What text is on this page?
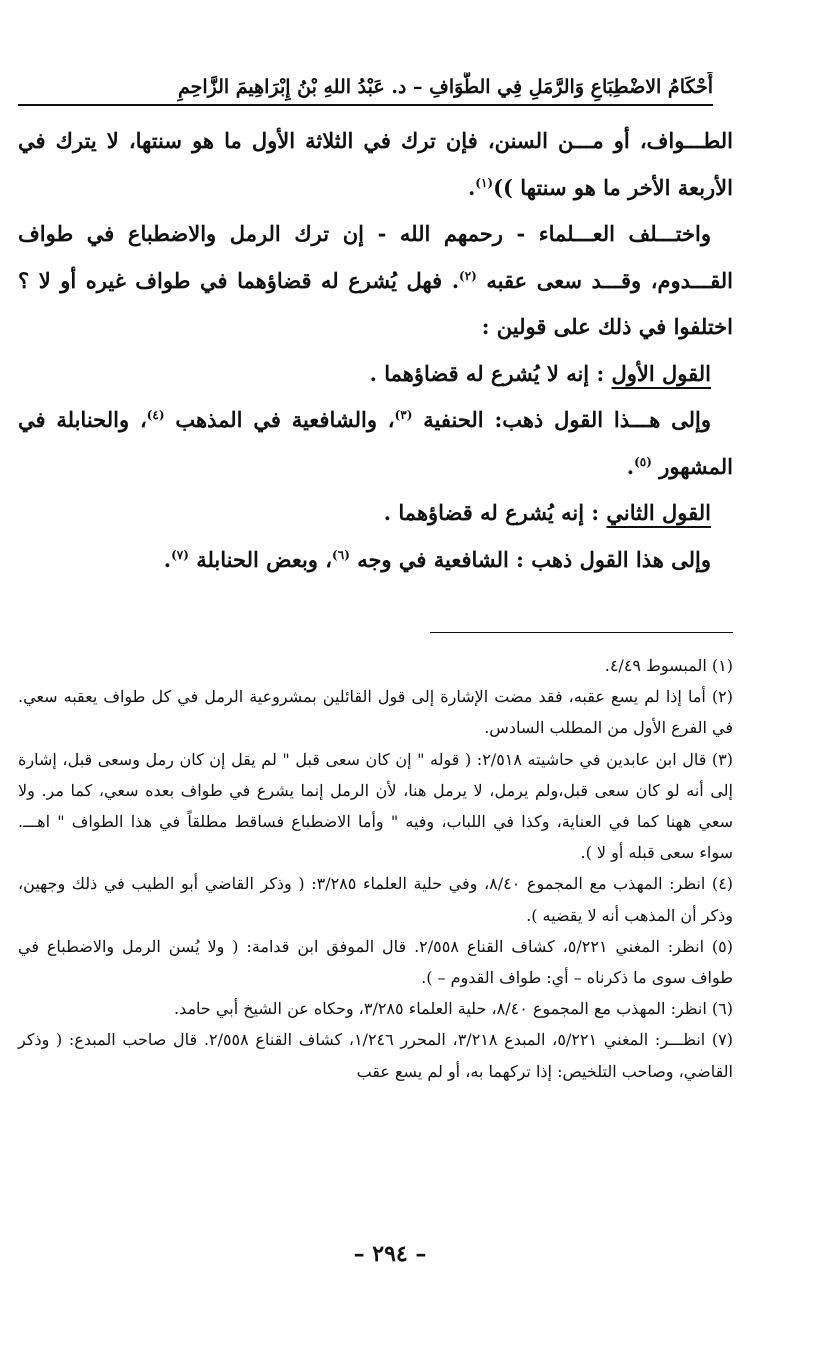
أَحْكَامُ الاضْطِبَاعِ وَالرَّمَلِ فِي الطَّوَافِ – د. عَبْدُ اللهِ بْنُ إِبْرَاهِيمَ الزَّاحِمِ

الطـــواف، أو مـــن السنن، فإن ترك في الثلاثة الأول ما هو سنتها، لا يترك في الأربعة الأخر ما هو سنتها ))$^{(١)}$.

واختـــلف العـــلماء - رحمهم الله - إن ترك الرمل والاضطباع في طواف القـــدوم، وقـــد سعى عقبه $^{(٢)}$. فهل يُشرع له قضاؤهما في طواف غيره أو لا ؟ اختلفوا في ذلك على قولين :

القول الأول : إنه لا يُشرع له قضاؤهما .

وإلى هـــذا القول ذهب: الحنفية $^{(٣)}$، والشافعية في المذهب $^{(٤)}$، والحنابلة في المشهور $^{(٥)}$.

القول الثاني : إنه يُشرع له قضاؤهما .

وإلى هذا القول ذهب : الشافعية في وجه $^{(٦)}$، وبعض الحنابلة $^{(٧)}$.

(١) المبسوط ٤/٤٩.

(٢) أما إذا لم يسع عقبه، فقد مضت الإشارة إلى قول القائلين بمشروعية الرمل في كل طواف يعقبه سعي. في الفرع الأول من المطلب السادس.

(٣) قال ابن عابدين في حاشيته ٢/٥١٨: ( قوله " إن كان سعى قبل " لم يقل إن كان رمل وسعى قبل، إشارة إلى أنه لو كان سعى قبل،ولم يرمل، لا يرمل هنا، لأن الرمل إنما يشرع في طواف بعده سعي، كما مر. ولا سعي ههنا كما في العناية، وكذا في اللباب، وفيه " وأما الاضطباع فساقط مطلقاً في هذا الطواف " اهـــ. سواء سعى قبله أو لا ).

(٤) انظر: المهذب مع المجموع ٨/٤٠، وفي حلية العلماء ٣/٢٨٥: ( وذكر القاضي أبو الطيب في ذلك وجهين، وذكر أن المذهب أنه لا يقضيه ).

(٥) انظر: المغني ٥/٢٢١، كشاف القناع ٢/٥٥٨. قال الموفق ابن قدامة: ( ولا يُسن الرمل والاضطباع في طواف سوى ما ذكرناه – أي: طواف القدوم – ).

(٦) انظر: المهذب مع المجموع ٨/٤٠، حلية العلماء ٣/٢٨٥، وحكاه عن الشيخ أبي حامد.

(٧) انظـــر: المغني ٥/٢٢١، المبدع ٣/٢١٨، المحرر ١/٢٤٦، كشاف القناع ٢/٥٥٨. قال صاحب المبدع: ( وذكر القاضي، وصاحب التلخيص: إذا تركهما به، أو لم يسع عقب

– ٢٩٤ –
